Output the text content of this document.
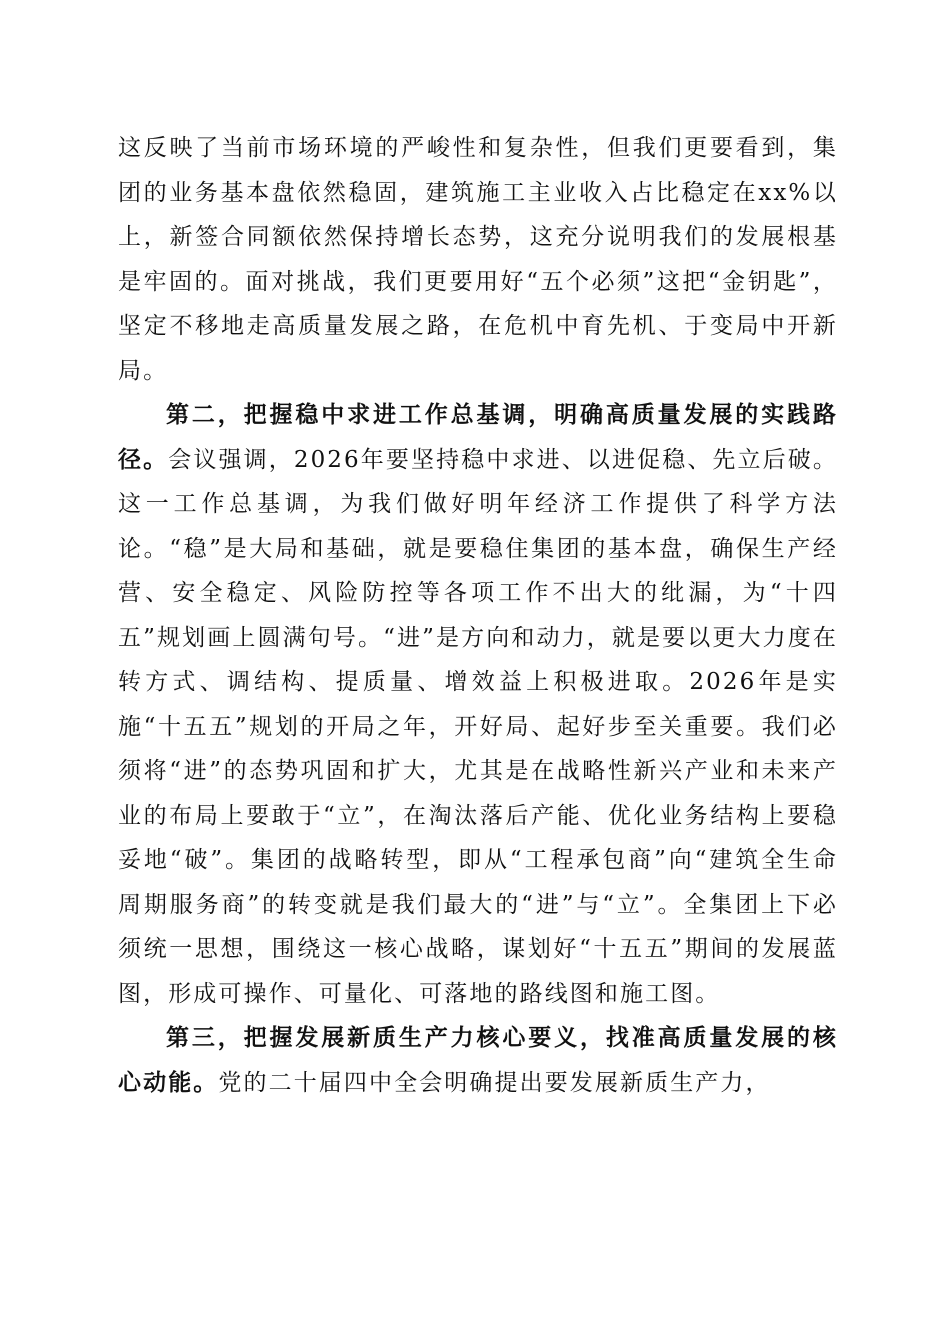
这反映了当前市场环境的严峻性和复杂性，但我们更要看到，集团的业务基本盘依然稳固，建筑施工主业收入占比稳定在xx%以上，新签合同额依然保持增长态势，这充分说明我们的发展根基是牢固的。面对挑战，我们更要用好“五个必须”这把“金钥匙”，坚定不移地走高质量发展之路，在危机中育先机、于变局中开新局。

第二，把握稳中求进工作总基调，明确高质量发展的实践路径。会议强调，2026年要坚持稳中求进、以进促稳、先立后破。这一工作总基调，为我们做好明年经济工作提供了科学方法论。“稳”是大局和基础，就是要稳住集团的基本盘，确保生产经营、安全稳定、风险防控等各项工作不出大的纰漏，为“十四五”规划画上圆满句号。“进”是方向和动力，就是要以更大力度在转方式、调结构、提质量、增效益上积极进取。2026年是实施“十五五”规划的开局之年，开好局、起好步至关重要。我们必须将“进”的态势巩固和扩大，尤其是在战略性新兴产业和未来产业的布局上要敢于“立”，在淘汰落后产能、优化业务结构上要稳妥地“破”。集团的战略转型，即从“工程承包商”向“建筑全生命周期服务商”的转变就是我们最大的“进”与“立”。全集团上下必须统一思想，围绕这一核心战略，谋划好“十五五”期间的发展蓝图，形成可操作、可量化、可落地的路线图和施工图。

第三，把握发展新质生产力核心要义，找准高质量发展的核心动能。党的二十届四中全会明确提出要发展新质生产力，
